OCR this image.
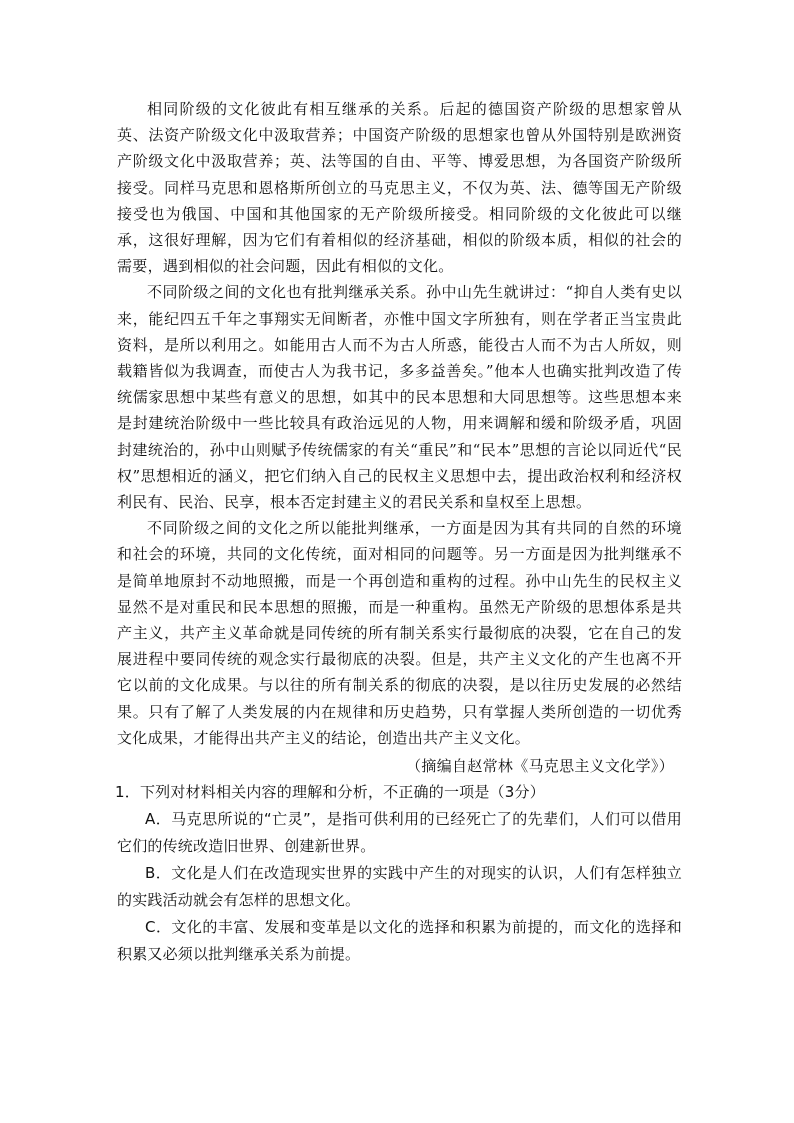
相同阶级的文化彼此有相互继承的关系。后起的德国资产阶级的思想家曾从英、法资产阶级文化中汲取营养；中国资产阶级的思想家也曾从外国特别是欧洲资产阶级文化中汲取营养；英、法等国的自由、平等、博爱思想，为各国资产阶级所接受。同样马克思和恩格斯所创立的马克思主义，不仅为英、法、德等国无产阶级接受也为俄国、中国和其他国家的无产阶级所接受。相同阶级的文化彼此可以继承，这很好理解，因为它们有着相似的经济基础，相似的阶级本质，相似的社会的需要，遇到相似的社会问题，因此有相似的文化。

不同阶级之间的文化也有批判继承关系。孙中山先生就讲过：“抑自人类有史以来，能纪四五千年之事翔实无间断者，亦惟中国文字所独有，则在学者正当宝贵此资料，是所以利用之。如能用古人而不为古人所惑，能役古人而不为古人所奴，则载籍皆似为我调查，而使古人为我书记，多多益善矣。”他本人也确实批判改造了传统儒家思想中某些有意义的思想，如其中的民本思想和大同思想等。这些思想本来是封建统治阶级中一些比较具有政治远见的人物，用来调解和缓和阶级矛盾，巩固封建统治的，孙中山则赋予传统儒家的有关“重民”和“民本”思想的言论以同近代“民权”思想相近的涵义，把它们纳入自己的民权主义思想中去，提出政治权利和经济权利民有、民治、民享，根本否定封建主义的君民关系和皇权至上思想。

不同阶级之间的文化之所以能批判继承，一方面是因为其有共同的自然的环境和社会的环境，共同的文化传统，面对相同的问题等。另一方面是因为批判继承不是简单地原封不动地照搬，而是一个再创造和重构的过程。孙中山先生的民权主义显然不是对重民和民本思想的照搬，而是一种重构。虽然无产阶级的思想体系是共产主义，共产主义革命就是同传统的所有制关系实行最彻底的决裂，它在自己的发展进程中要同传统的观念实行最彻底的决裂。但是，共产主义文化的产生也离不开它以前的文化成果。与以往的所有制关系的彻底的决裂，是以往历史发展的必然结果。只有了解了人类发展的内在规律和历史趋势，只有掌握人类所创造的一切优秀文化成果，才能得出共产主义的结论，创造出共产主义文化。

（摘编自赵常林《马克思主义文化学》）

1．下列对材料相关内容的理解和分析，不正确的一项是（3分）

A．马克思所说的“亡灵”，是指可供利用的已经死亡了的先辈们，人们可以借用它们的传统改造旧世界、创建新世界。

B．文化是人们在改造现实世界的实践中产生的对现实的认识，人们有怎样独立的实践活动就会有怎样的思想文化。

C．文化的丰富、发展和变革是以文化的选择和积累为前提的，而文化的选择和积累又必须以批判继承关系为前提。
